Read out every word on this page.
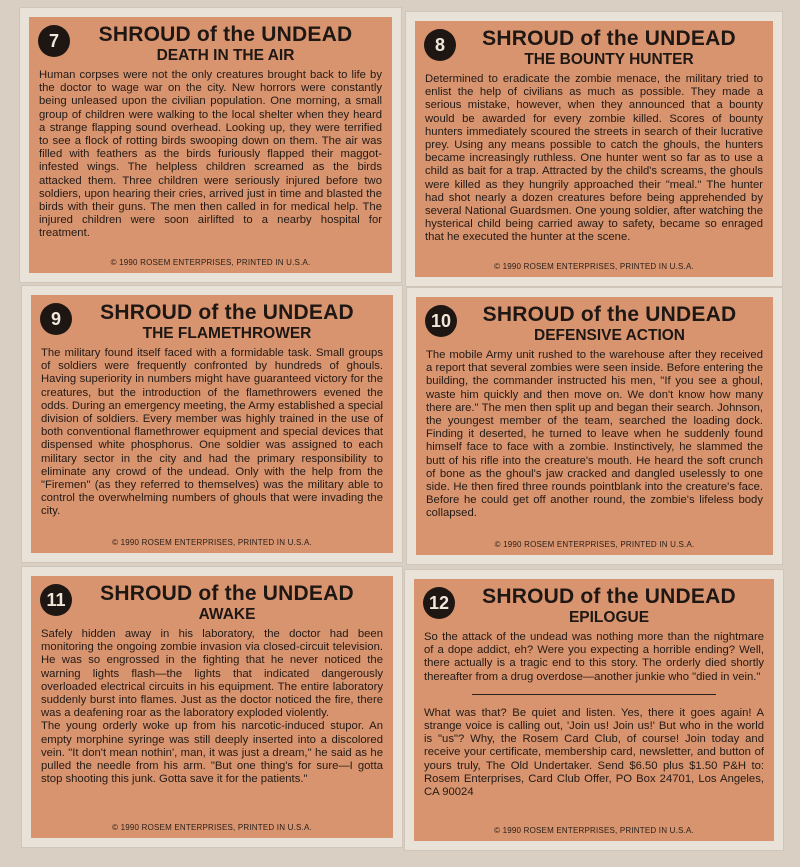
7	SHROUD of the UNDEAD
DEATH IN THE AIR

Human corpses were not the only creatures brought back to life by the doctor to wage war on the city. New horrors were constantly being unleased upon the civilian population. One morning, a small group of children were walking to the local shelter when they heard a strange flapping sound overhead. Looking up, they were terrified to see a flock of rotting birds swooping down on them. The air was filled with feathers as the birds furiously flapped their maggot-infested wings. The helpless children screamed as the birds attacked them. Three children were seriously injured before two soldiers, upon hearing their cries, arrived just in time and blasted the birds with their guns. The men then called in for medical help. The injured children were soon airlifted to a nearby hospital for treatment.

© 1990 ROSEM ENTERPRISES, PRINTED IN U.S.A.
8	SHROUD of the UNDEAD
THE BOUNTY HUNTER

Determined to eradicate the zombie menace, the military tried to enlist the help of civilians as much as possible. They made a serious mistake, however, when they announced that a bounty would be awarded for every zombie killed. Scores of bounty hunters immediately scoured the streets in search of their lucrative prey. Using any means possible to catch the ghouls, the hunters became increasingly ruthless. One hunter went so far as to use a child as bait for a trap. Attracted by the child's screams, the ghouls were killed as they hungrily approached their "meal." The hunter had shot nearly a dozen creatures before being apprehended by several National Guardsmen. One young soldier, after watching the hysterical child being carried away to safety, became so enraged that he executed the hunter at the scene.

© 1990 ROSEM ENTERPRISES, PRINTED IN U.S.A.
9	SHROUD of the UNDEAD
THE FLAMETHROWER

The military found itself faced with a formidable task. Small groups of soldiers were frequently confronted by hundreds of ghouls. Having superiority in numbers might have guaranteed victory for the creatures, but the introduction of the flamethrowers evened the odds. During an emergency meeting, the Army established a special division of soldiers. Every member was highly trained in the use of both conventional flamethrower equipment and special devices that dispensed white phosphorus. One soldier was assigned to each military sector in the city and had the primary responsibility to eliminate any crowd of the undead. Only with the help from the "Firemen" (as they referred to themselves) was the military able to control the overwhelming numbers of ghouls that were invading the city.

© 1990 ROSEM ENTERPRISES, PRINTED IN U.S.A.
10	SHROUD of the UNDEAD
DEFENSIVE ACTION

The mobile Army unit rushed to the warehouse after they received a report that several zombies were seen inside. Before entering the building, the commander instructed his men, "If you see a ghoul, waste him quickly and then move on. We don't know how many there are." The men then split up and began their search. Johnson, the youngest member of the team, searched the loading dock. Finding it deserted, he turned to leave when he suddenly found himself face to face with a zombie. Instinctively, he slammed the butt of his rifle into the creature's mouth. He heard the soft crunch of bone as the ghoul's jaw cracked and dangled uselessly to one side. He then fired three rounds pointblank into the creature's face. Before he could get off another round, the zombie's lifeless body collapsed.

© 1990 ROSEM ENTERPRISES, PRINTED IN U.S.A.
11	SHROUD of the UNDEAD
AWAKE

Safely hidden away in his laboratory, the doctor had been monitoring the ongoing zombie invasion via closed-circuit television. He was so engrossed in the fighting that he never noticed the warning lights flash—the lights that indicated dangerously overloaded electrical circuits in his equipment. The entire laboratory suddenly burst into flames. Just as the doctor noticed the fire, there was a deafening roar as the laboratory exploded violently.

The young orderly woke up from his narcotic-induced stupor. An empty morphine syringe was still deeply inserted into a discolored vein. "It don't mean nothin', man, it was just a dream," he said as he pulled the needle from his arm. "But one thing's for sure—I gotta stop shooting this junk. Gotta save it for the patients."

© 1990 ROSEM ENTERPRISES, PRINTED IN U.S.A.
12	SHROUD of the UNDEAD
EPILOGUE

So the attack of the undead was nothing more than the nightmare of a dope addict, eh? Were you expecting a horrible ending? Well, there actually is a tragic end to this story. The orderly died shortly thereafter from a drug overdose—another junkie who "died in vein."

What was that? Be quiet and listen. Yes, there it goes again! A strange voice is calling out, 'Join us! Join us!' But who in the world is "us"? Why, the Rosem Card Club, of course! Join today and receive your certificate, membership card, newsletter, and button of yours truly, The Old Undertaker. Send $6.50 plus $1.50 P&H to: Rosem Enterprises, Card Club Offer, PO Box 24701, Los Angeles, CA 90024

© 1990 ROSEM ENTERPRISES, PRINTED IN U.S.A.
